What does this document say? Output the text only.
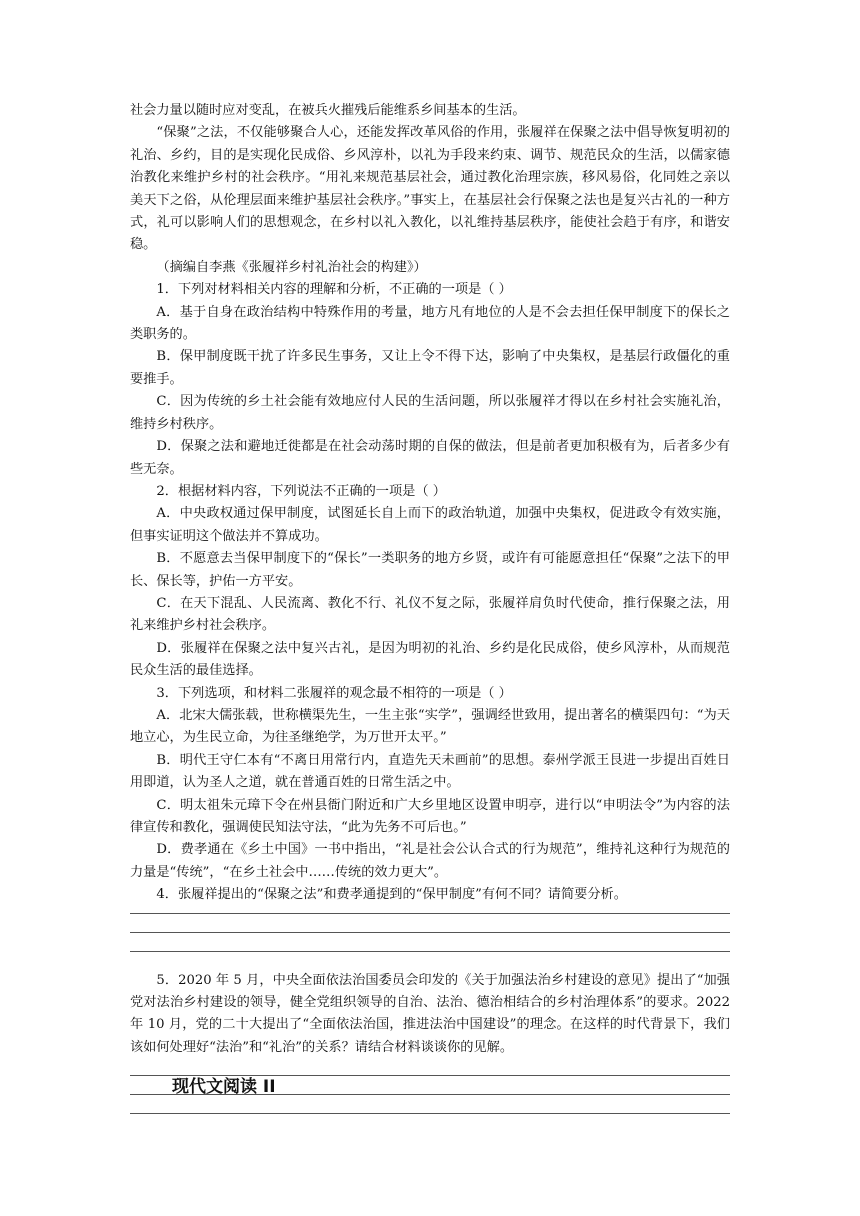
社会力量以随时应对变乱，在被兵火摧残后能维系乡间基本的生活。

“保聚”之法，不仅能够聚合人心，还能发挥改革风俗的作用，张履祥在保聚之法中倡导恢复明初的礼治、乡约，目的是实现化民成俗、乡风淳朴，以礼为手段来约束、调节、规范民众的生活，以儒家德治教化来维护乡村的社会秩序。“用礼来规范基层社会，通过教化治理宗族，移风易俗，化同姓之亲以美天下之俗，从伦理层面来维护基层社会秩序。”事实上，在基层社会行保聚之法也是复兴古礼的一种方式，礼可以影响人们的思想观念，在乡村以礼入教化，以礼维持基层秩序，能使社会趋于有序，和谐安稳。

（摘编自李燕《张履祥乡村礼治社会的构建》）

1．下列对材料相关内容的理解和分析，不正确的一项是（ ）

A．基于自身在政治结构中特殊作用的考量，地方凡有地位的人是不会去担任保甲制度下的保长之类职务的。

B．保甲制度既干扰了许多民生事务，又让上令不得下达，影响了中央集权，是基层行政僵化的重要推手。

C．因为传统的乡土社会能有效地应付人民的生活问题，所以张履祥才得以在乡村社会实施礼治，维持乡村秩序。

D．保聚之法和避地迁徙都是在社会动荡时期的自保的做法，但是前者更加积极有为，后者多少有些无奈。

2．根据材料内容，下列说法不正确的一项是（ ）

A．中央政权通过保甲制度，试图延长自上而下的政治轨道，加强中央集权，促进政令有效实施，但事实证明这个做法并不算成功。

B．不愿意去当保甲制度下的“保长”一类职务的地方乡贤，或许有可能愿意担任“保聚”之法下的甲长、保长等，护佑一方平安。

C．在天下混乱、人民流离、教化不行、礼仪不复之际，张履祥肩负时代使命，推行保聚之法，用礼来维护乡村社会秩序。

D．张履祥在保聚之法中复兴古礼，是因为明初的礼治、乡约是化民成俗，使乡风淳朴，从而规范民众生活的最佳选择。

3．下列选项，和材料二张履祥的观念最不相符的一项是（ ）

A．北宋大儒张载，世称横渠先生，一生主张“实学”，强调经世致用，提出著名的横渠四句：“为天地立心，为生民立命，为往圣继绝学，为万世开太平。”

B．明代王守仁本有“不离日用常行内，直造先天未画前”的思想。泰州学派王艮进一步提出百姓日用即道，认为圣人之道，就在普通百姓的日常生活之中。

C．明太祖朱元璋下令在州县衙门附近和广大乡里地区设置申明亭，进行以“申明法令”为内容的法律宣传和教化，强调使民知法守法，“此为先务不可后也。”

D．费孝通在《乡土中国》一书中指出，“礼是社会公认合式的行为规范”，维持礼这种行为规范的力量是“传统”，“在乡土社会中……传统的效力更大”。

4．张履祥提出的“保聚之法”和费孝通提到的“保甲制度”有何不同？请简要分析。

5．2020 年 5 月，中央全面依法治国委员会印发的《关于加强法治乡村建设的意见》提出了“加强党对法治乡村建设的领导，健全党组织领导的自治、法治、德治相结合的乡村治理体系”的要求。2022 年 10 月，党的二十大提出了“全面依法治国，推进法治中国建设”的理念。在这样的时代背景下，我们该如何处理好“法治”和“礼治”的关系？请结合材料谈谈你的见解。

现代文阅读 II
